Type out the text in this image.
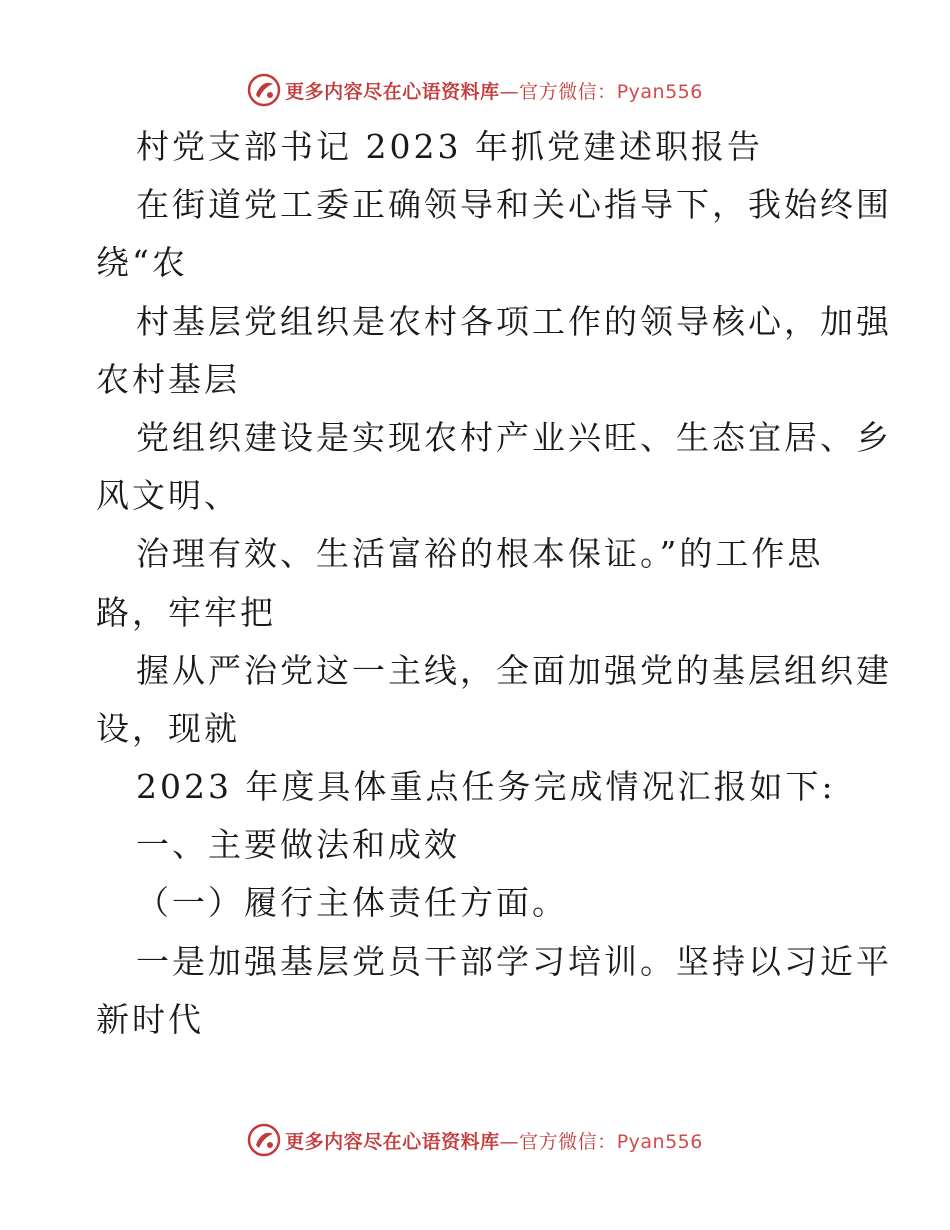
更多内容尽在心语资料库—官方微信：Pyan556
村党支部书记 2023 年抓党建述职报告
在街道党工委正确领导和关心指导下，我始终围
绕“农
村基层党组织是农村各项工作的领导核心，加强
农村基层
党组织建设是实现农村产业兴旺、生态宜居、乡
风文明、
治理有效、生活富裕的根本保证。”的工作思
路，牢牢把
握从严治党这一主线，全面加强党的基层组织建
设，现就
2023 年度具体重点任务完成情况汇报如下:
一、主要做法和成效
（一）履行主体责任方面。
一是加强基层党员干部学习培训。坚持以习近平
新时代
更多内容尽在心语资料库—官方微信：Pyan556
